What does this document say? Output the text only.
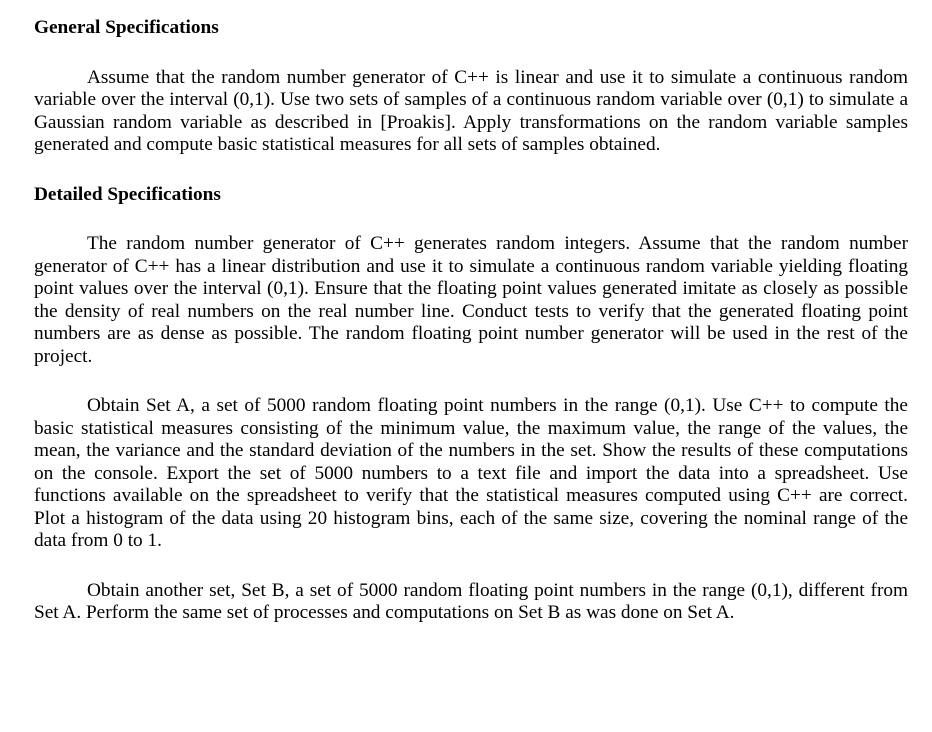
General Specifications

Assume that the random number generator of C++ is linear and use it to simulate a continuous random variable over the interval (0,1). Use two sets of samples of a continuous random variable over (0,1) to simulate a Gaussian random variable as described in [Proakis]. Apply transformations on the random variable samples generated and compute basic statistical measures for all sets of samples obtained.

Detailed Specifications

The random number generator of C++ generates random integers. Assume that the random number generator of C++ has a linear distribution and use it to simulate a continuous random variable yielding floating point values over the interval (0,1). Ensure that the floating point values generated imitate as closely as possible the density of real numbers on the real number line. Conduct tests to verify that the generated floating point numbers are as dense as possible. The random floating point number generator will be used in the rest of the project.

Obtain Set A, a set of 5000 random floating point numbers in the range (0,1). Use C++ to compute the basic statistical measures consisting of the minimum value, the maximum value, the range of the values, the mean, the variance and the standard deviation of the numbers in the set. Show the results of these computations on the console. Export the set of 5000 numbers to a text file and import the data into a spreadsheet. Use functions available on the spreadsheet to verify that the statistical measures computed using C++ are correct. Plot a histogram of the data using 20 histogram bins, each of the same size, covering the nominal range of the data from 0 to 1.

Obtain another set, Set B, a set of 5000 random floating point numbers in the range (0,1), different from Set A. Perform the same set of processes and computations on Set B as was done on Set A.
